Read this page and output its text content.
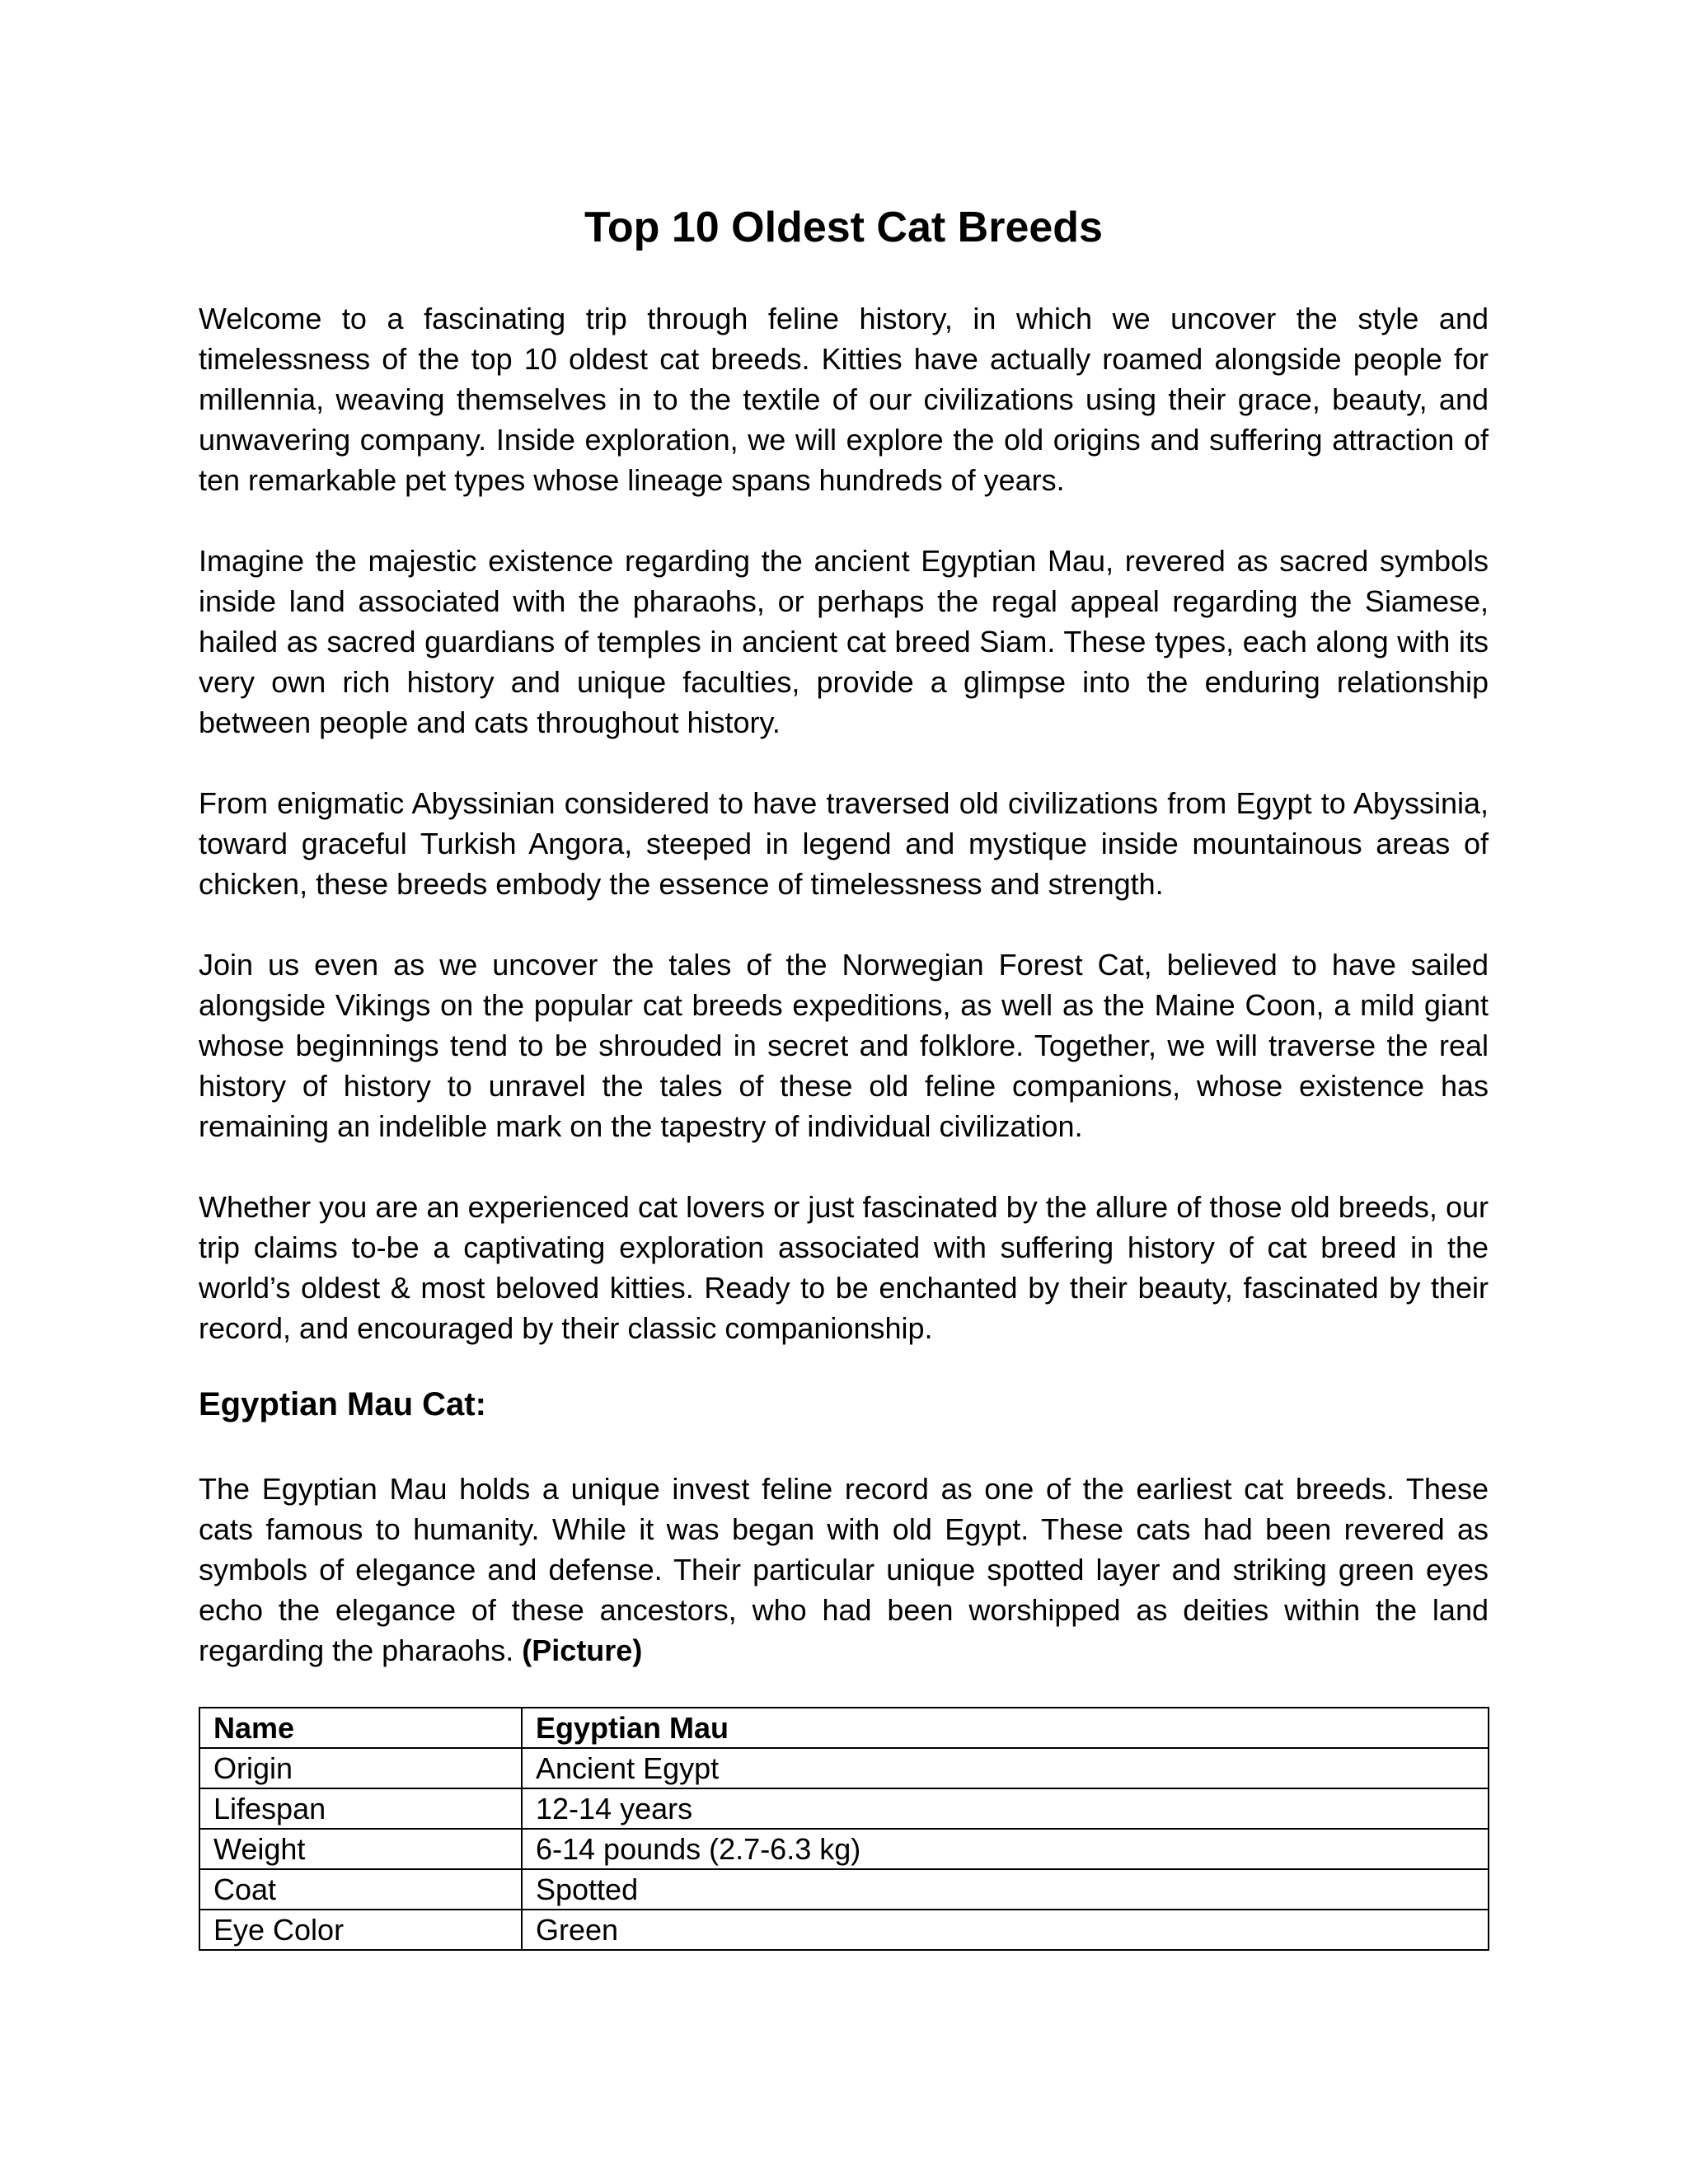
Top 10 Oldest Cat Breeds

Welcome to a fascinating trip through feline history, in which we uncover the style and timelessness of the top 10 oldest cat breeds. Kitties have actually roamed alongside people for millennia, weaving themselves in to the textile of our civilizations using their grace, beauty, and unwavering company. Inside exploration, we will explore the old origins and suffering attraction of ten remarkable pet types whose lineage spans hundreds of years.

Imagine the majestic existence regarding the ancient Egyptian Mau, revered as sacred symbols inside land associated with the pharaohs, or perhaps the regal appeal regarding the Siamese, hailed as sacred guardians of temples in ancient cat breed Siam. These types, each along with its very own rich history and unique faculties, provide a glimpse into the enduring relationship between people and cats throughout history.

From enigmatic Abyssinian considered to have traversed old civilizations from Egypt to Abyssinia, toward graceful Turkish Angora, steeped in legend and mystique inside mountainous areas of chicken, these breeds embody the essence of timelessness and strength.

Join us even as we uncover the tales of the Norwegian Forest Cat, believed to have sailed alongside Vikings on the popular cat breeds expeditions, as well as the Maine Coon, a mild giant whose beginnings tend to be shrouded in secret and folklore. Together, we will traverse the real history of history to unravel the tales of these old feline companions, whose existence has remaining an indelible mark on the tapestry of individual civilization.

Whether you are an experienced cat lovers or just fascinated by the allure of those old breeds, our trip claims to-be a captivating exploration associated with suffering history of cat breed in the world’s oldest & most beloved kitties. Ready to be enchanted by their beauty, fascinated by their record, and encouraged by their classic companionship.

Egyptian Mau Cat:

The Egyptian Mau holds a unique invest feline record as one of the earliest cat breeds. These cats famous to humanity. While it was began with old Egypt. These cats had been revered as symbols of elegance and defense. Their particular unique spotted layer and striking green eyes echo the elegance of these ancestors, who had been worshipped as deities within the land regarding the pharaohs. (Picture)

Name	Egyptian Mau
Origin	Ancient Egypt
Lifespan	12-14 years
Weight	6-14 pounds (2.7-6.3 kg)
Coat	Spotted
Eye Color	Green
